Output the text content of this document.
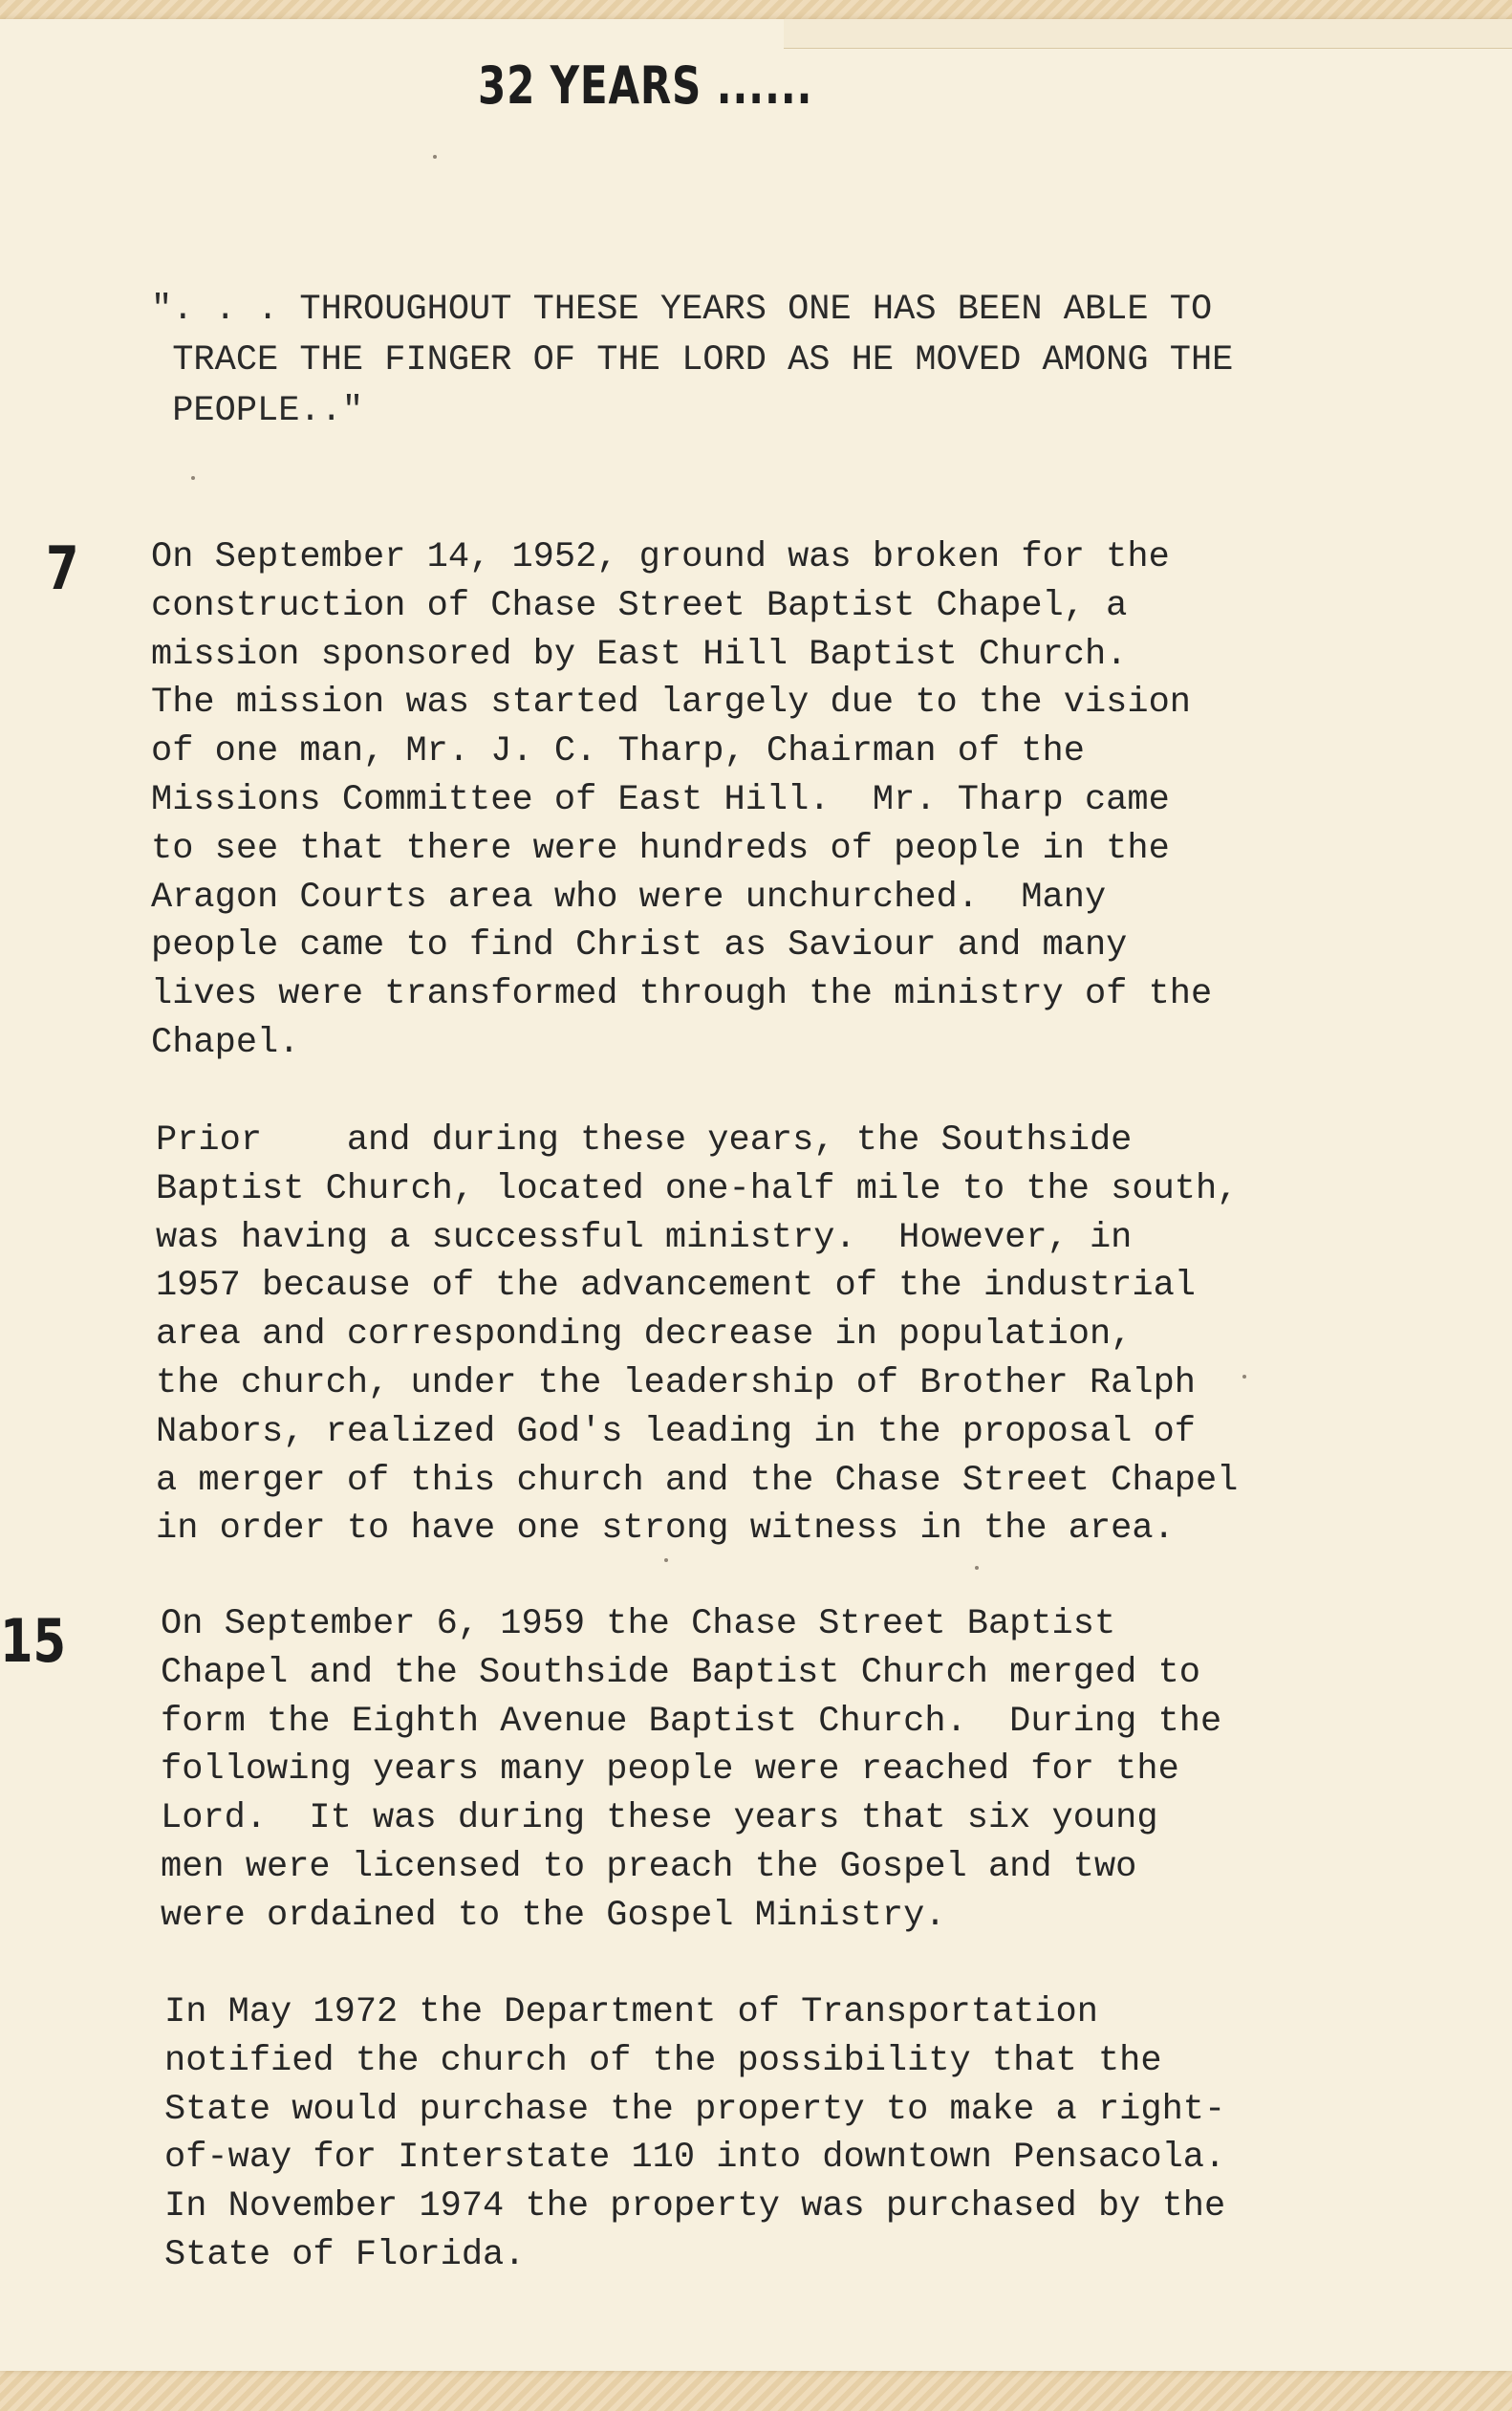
32 YEARS ......

". . . THROUGHOUT THESE YEARS ONE HAS BEEN ABLE TO
TRACE THE FINGER OF THE LORD AS HE MOVED AMONG THE
PEOPLE.."

7 On September 14, 1952, ground was broken for the
construction of Chase Street Baptist Chapel, a
mission sponsored by East Hill Baptist Church.
The mission was started largely due to the vision
of one man, Mr. J. C. Tharp, Chairman of the
Missions Committee of East Hill.  Mr. Tharp came
to see that there were hundreds of people in the
Aragon Courts area who were unchurched.  Many
people came to find Christ as Saviour and many
lives were transformed through the ministry of the
Chapel.

Prior    and during these years, the Southside
Baptist Church, located one-half mile to the south,
was having a successful ministry.  However, in
1957 because of the advancement of the industrial
area and corresponding decrease in population,
the church, under the leadership of Brother Ralph
Nabors, realized God's leading in the proposal of
a merger of this church and the Chase Street Chapel
in order to have one strong witness in the area.

15	On September 6, 1959 the Chase Street Baptist
Chapel and the Southside Baptist Church merged to
form the Eighth Avenue Baptist Church.  During the
following years many people were reached for the
Lord.  It was during these years that six young
men were licensed to preach the Gospel and two
were ordained to the Gospel Ministry.

In May 1972 the Department of Transportation
notified the church of the possibility that the
State would purchase the property to make a right-
of-way for Interstate 110 into downtown Pensacola.
In November 1974 the property was purchased by the
State of Florida.
